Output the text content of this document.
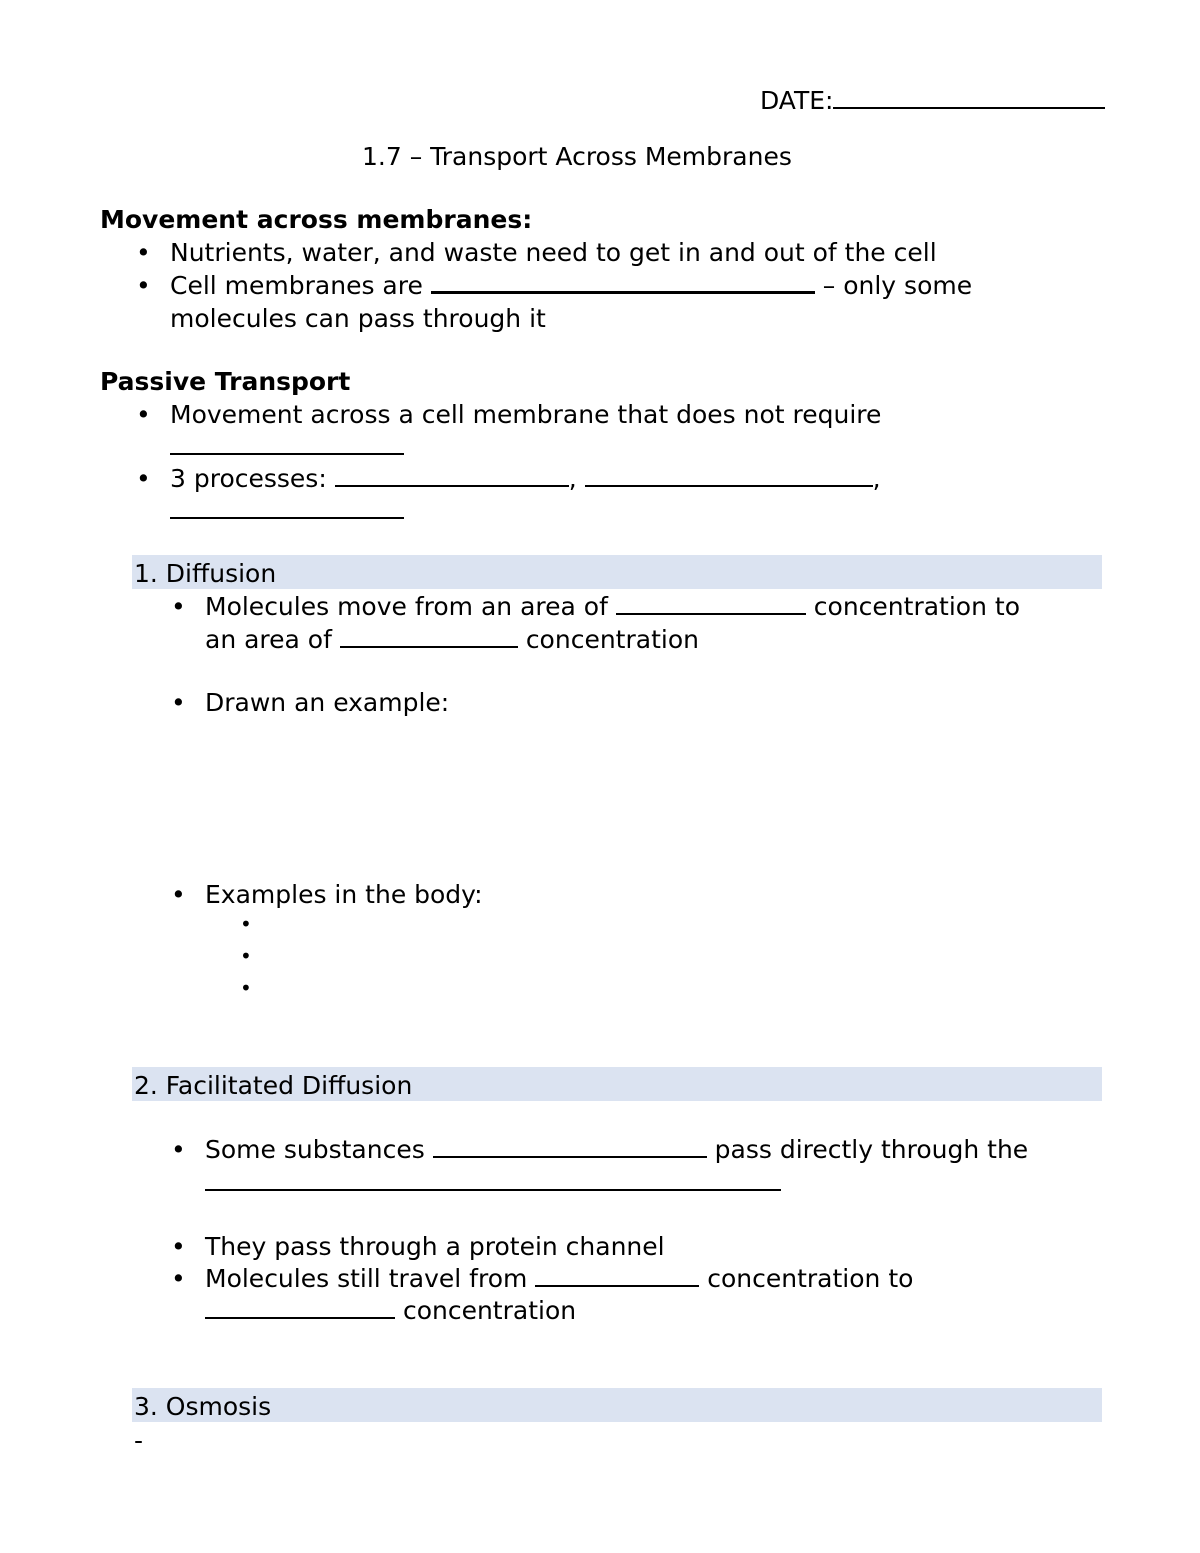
DATE:
1.7 – Transport Across Membranes
Movement across membranes:
• Nutrients, water, and waste need to get in and out of the cell
• Cell membranes are	– only some
molecules can pass through it
Passive Transport
• Movement across a cell membrane that does not require
• 3 processes:	,	,
1. Diffusion
• Molecules move from an area of	concentration to
an area of	concentration
• Drawn an example:
• Examples in the body:
•
•
•
2. Facilitated Diffusion
• Some substances	pass directly through the
• They pass through a protein channel
• Molecules still travel from	concentration to
concentration
3. Osmosis
-
